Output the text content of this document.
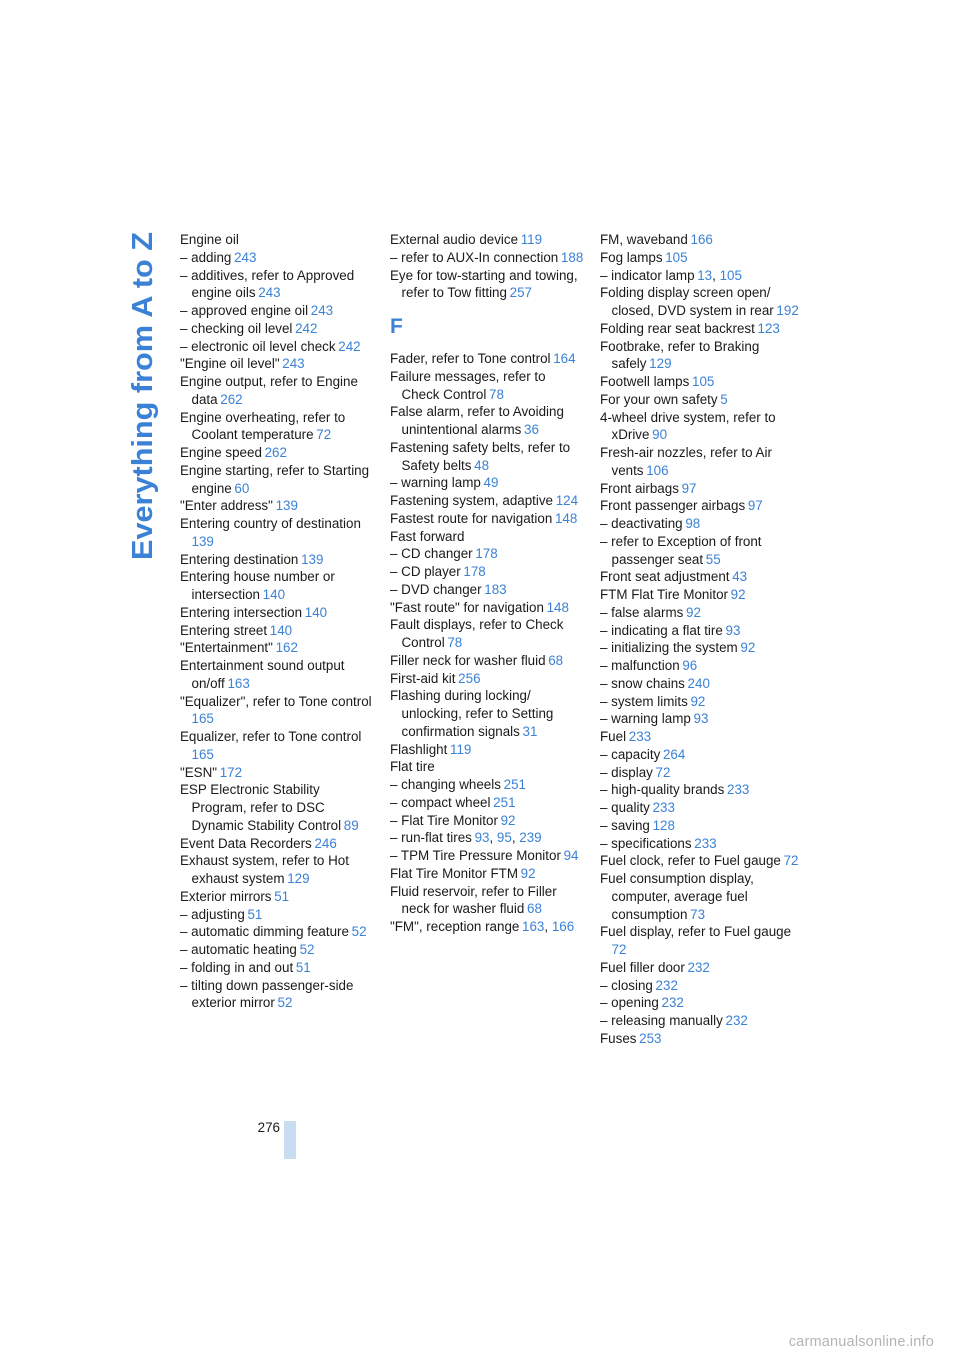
Everything from A to Z
Engine oil
– adding  243
– additives, refer to Approved engine oils  243
– approved engine oil  243
– checking oil level  242
– electronic oil level check  242
"Engine oil level"  243
Engine output, refer to Engine data  262
Engine overheating, refer to Coolant temperature  72
Engine speed  262
Engine starting, refer to Starting engine  60
"Enter address"  139
Entering country of destination 139
Entering destination  139
Entering house number or intersection  140
Entering intersection  140
Entering street  140
"Entertainment"  162
Entertainment sound output on/off  163
"Equalizer", refer to Tone control 165
Equalizer, refer to Tone control 165
"ESN"  172
ESP Electronic Stability Program, refer to DSC Dynamic Stability Control  89
Event Data Recorders  246
Exhaust system, refer to Hot exhaust system  129
Exterior mirrors  51
– adjusting  51
– automatic dimming feature  52
– automatic heating  52
– folding in and out  51
– tilting down passenger-side exterior mirror  52
External audio device  119
– refer to AUX-In connection  188
Eye for tow-starting and towing, refer to Tow fitting  257
F
Fader, refer to Tone control  164
Failure messages, refer to Check Control  78
False alarm, refer to Avoiding unintentional alarms  36
Fastening safety belts, refer to Safety belts  48
– warning lamp  49
Fastening system, adaptive  124
Fastest route for navigation  148
Fast forward
– CD changer  178
– CD player  178
– DVD changer  183
"Fast route" for navigation  148
Fault displays, refer to Check Control  78
Filler neck for washer fluid  68
First-aid kit  256
Flashing during locking/ unlocking, refer to Setting confirmation signals  31
Flashlight  119
Flat tire
– changing wheels  251
– compact wheel  251
– Flat Tire Monitor  92
– run-flat tires  93, 95, 239
– TPM Tire Pressure Monitor  94
Flat Tire Monitor FTM  92
Fluid reservoir, refer to Filler neck for washer fluid  68
"FM", reception range  163, 166
FM, waveband  166
Fog lamps  105
– indicator lamp  13, 105
Folding display screen open/ closed, DVD system in rear  192
Folding rear seat backrest  123
Footbrake, refer to Braking safely  129
Footwell lamps  105
For your own safety  5
4-wheel drive system, refer to xDrive  90
Fresh-air nozzles, refer to Air vents  106
Front airbags  97
Front passenger airbags  97
– deactivating  98
– refer to Exception of front passenger seat  55
Front seat adjustment  43
FTM Flat Tire Monitor  92
– false alarms  92
– indicating a flat tire  93
– initializing the system  92
– malfunction  96
– snow chains  240
– system limits  92
– warning lamp  93
Fuel  233
– capacity  264
– display  72
– high-quality brands  233
– quality  233
– saving  128
– specifications  233
Fuel clock, refer to Fuel gauge  72
Fuel consumption display, computer, average fuel consumption  73
Fuel display, refer to Fuel gauge 72
Fuel filler door  232
– closing  232
– opening  232
– releasing manually  232
Fuses  253
276
carmanualsonline.info
